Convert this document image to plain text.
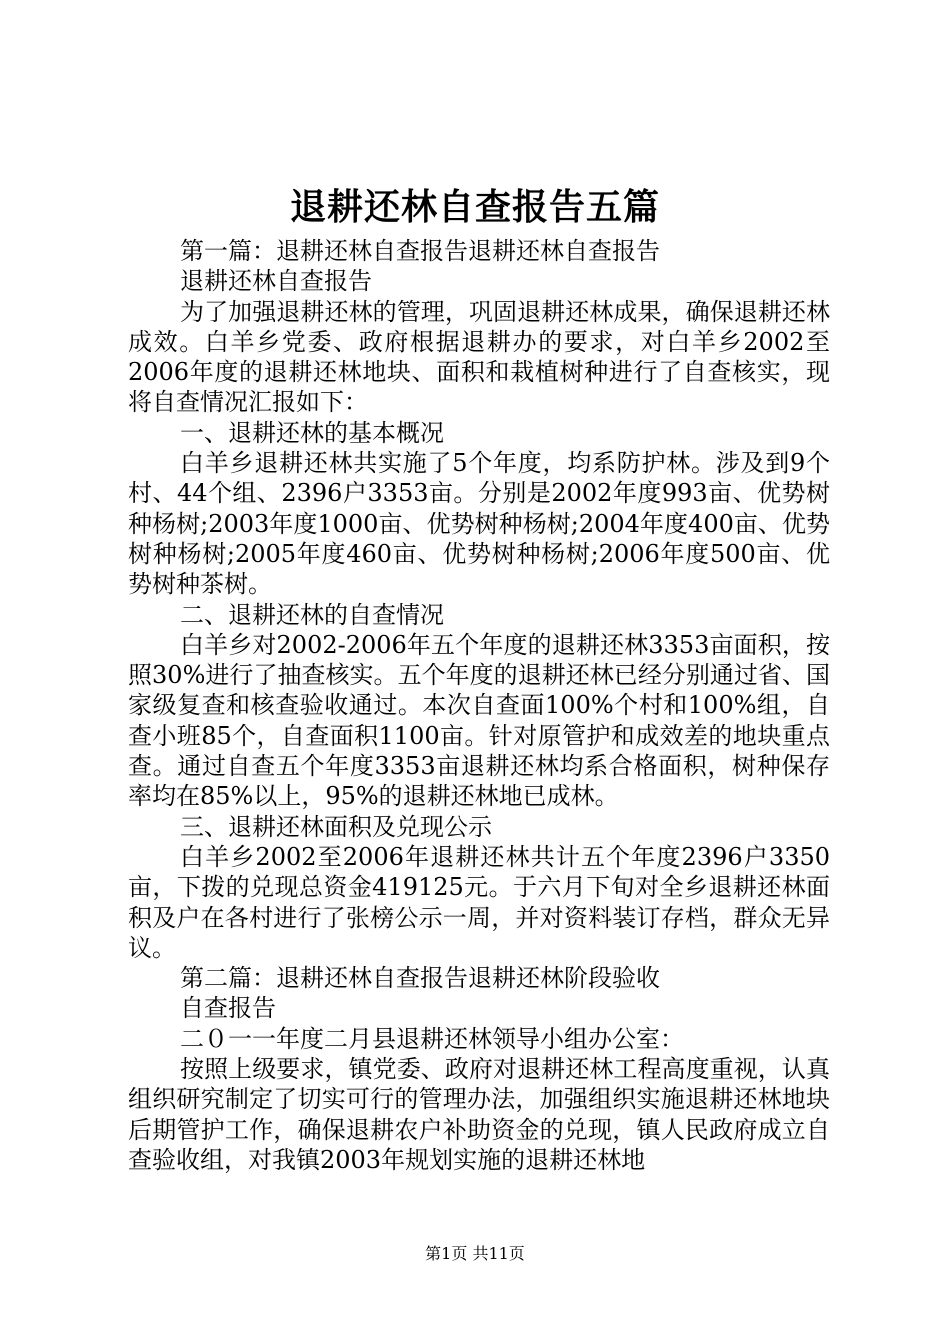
退耕还林自查报告五篇

第一篇：退耕还林自查报告退耕还林自查报告

退耕还林自查报告

为了加强退耕还林的管理，巩固退耕还林成果，确保退耕还林成效。白羊乡党委、政府根据退耕办的要求，对白羊乡2002至2006年度的退耕还林地块、面积和栽植树种进行了自查核实，现将自查情况汇报如下：

一、退耕还林的基本概况

白羊乡退耕还林共实施了5个年度，均系防护林。涉及到9个村、44个组、2396户3353亩。分别是2002年度993亩、优势树种杨树;2003年度1000亩、优势树种杨树;2004年度400亩、优势树种杨树;2005年度460亩、优势树种杨树;2006年度500亩、优势树种茶树。

二、退耕还林的自查情况

白羊乡对2002-2006年五个年度的退耕还林3353亩面积，按照30%进行了抽查核实。五个年度的退耕还林已经分别通过省、国家级复查和核查验收通过。本次自查面100%个村和100%组，自查小班85个，自查面积1100亩。针对原管护和成效差的地块重点查。通过自查五个年度3353亩退耕还林均系合格面积，树种保存率均在85%以上，95%的退耕还林地已成林。

三、退耕还林面积及兑现公示

白羊乡2002至2006年退耕还林共计五个年度2396户3350亩，下拨的兑现总资金419125元。于六月下旬对全乡退耕还林面积及户在各村进行了张榜公示一周，并对资料装订存档，群众无异议。

第二篇：退耕还林自查报告退耕还林阶段验收

自查报告

二０一一年度二月县退耕还林领导小组办公室：

按照上级要求，镇党委、政府对退耕还林工程高度重视，认真组织研究制定了切实可行的管理办法，加强组织实施退耕还林地块后期管护工作，确保退耕农户补助资金的兑现，镇人民政府成立自查验收组，对我镇2003年规划实施的退耕还林地

第1页 共11页
